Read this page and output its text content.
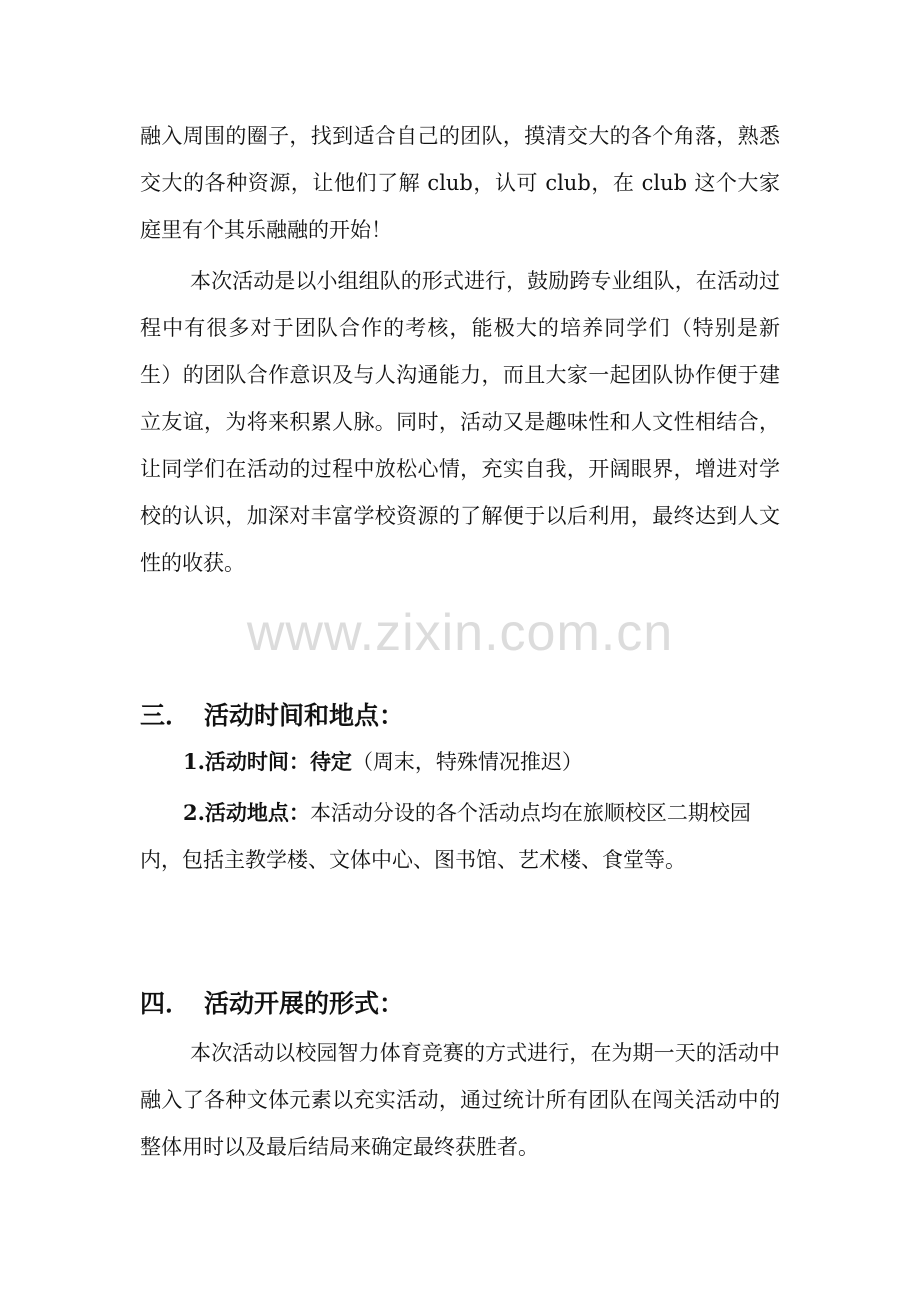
融入周围的圈子，找到适合自己的团队，摸清交大的各个角落，熟悉交大的各种资源，让他们了解 club，认可 club，在 club 这个大家庭里有个其乐融融的开始！

本次活动是以小组组队的形式进行，鼓励跨专业组队，在活动过程中有很多对于团队合作的考核，能极大的培养同学们（特别是新生）的团队合作意识及与人沟通能力，而且大家一起团队协作便于建立友谊，为将来积累人脉。同时，活动又是趣味性和人文性相结合，让同学们在活动的过程中放松心情，充实自我，开阔眼界，增进对学校的认识，加深对丰富学校资源的了解便于以后利用，最终达到人文性的收获。

www.zixin.com.cn
三． 活动时间和地点：

1.活动时间：待定（周末，特殊情况推迟）

2.活动地点：本活动分设的各个活动点均在旅顺校区二期校园内，包括主教学楼、文体中心、图书馆、艺术楼、食堂等。

四． 活动开展的形式：

本次活动以校园智力体育竞赛的方式进行，在为期一天的活动中融入了各种文体元素以充实活动，通过统计所有团队在闯关活动中的整体用时以及最后结局来确定最终获胜者。
